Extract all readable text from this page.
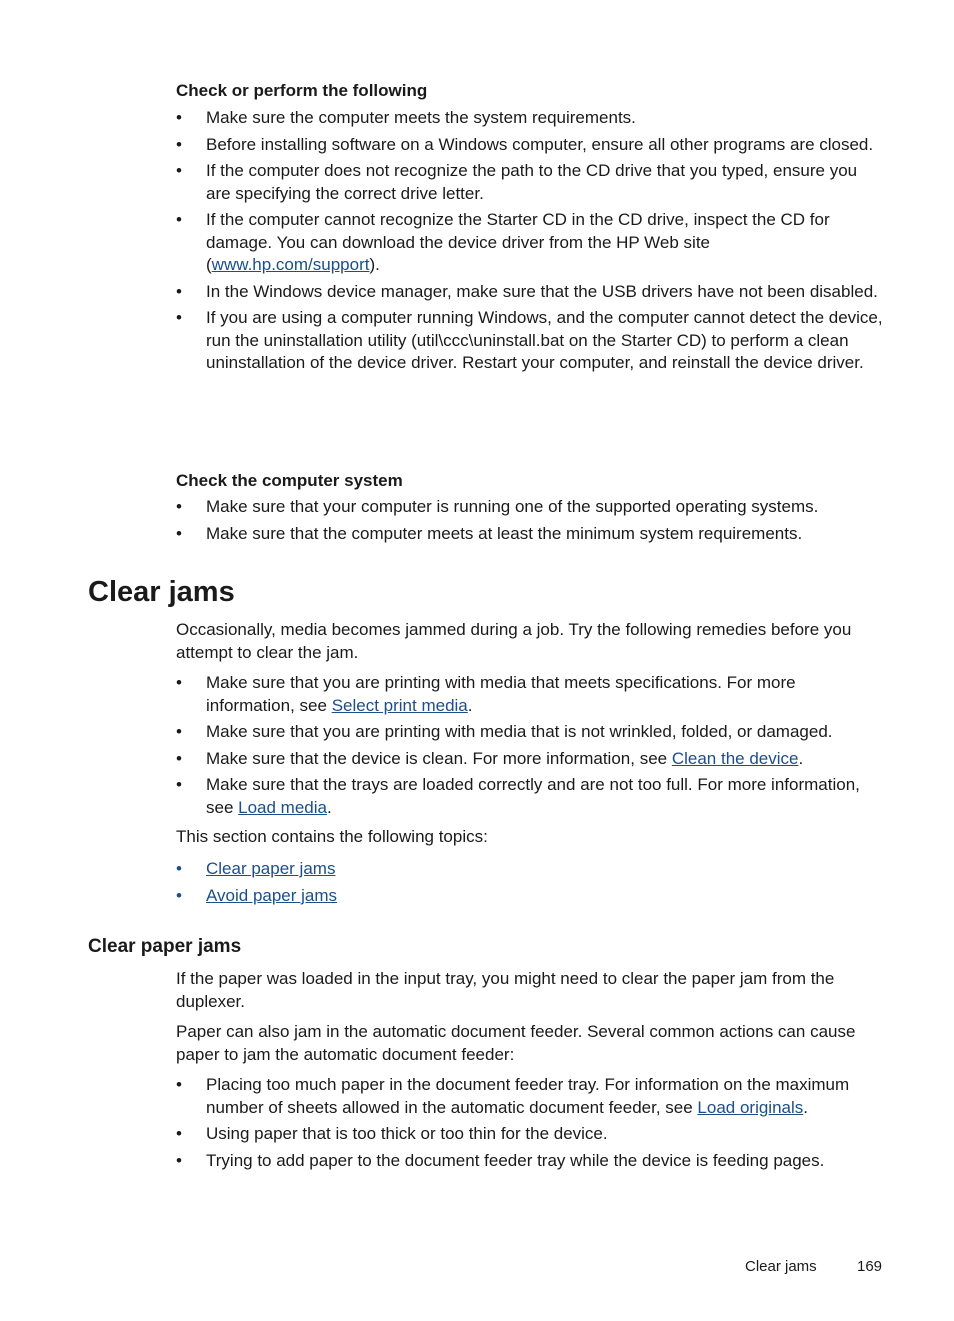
Check or perform the following
•	Make sure the computer meets the system requirements.
•	Before installing software on a Windows computer, ensure all other programs are closed.
•	If the computer does not recognize the path to the CD drive that you typed, ensure you are specifying the correct drive letter.
•	If the computer cannot recognize the Starter CD in the CD drive, inspect the CD for damage. You can download the device driver from the HP Web site (www.hp.com/support).
•	In the Windows device manager, make sure that the USB drivers have not been disabled.
•	If you are using a computer running Windows, and the computer cannot detect the device, run the uninstallation utility (util\ccc\uninstall.bat on the Starter CD) to perform a clean uninstallation of the device driver. Restart your computer, and reinstall the device driver.
Check the computer system
•	Make sure that your computer is running one of the supported operating systems.
•	Make sure that the computer meets at least the minimum system requirements.
Clear jams
Occasionally, media becomes jammed during a job. Try the following remedies before you attempt to clear the jam.
•	Make sure that you are printing with media that meets specifications. For more information, see Select print media.
•	Make sure that you are printing with media that is not wrinkled, folded, or damaged.
•	Make sure that the device is clean. For more information, see Clean the device.
•	Make sure that the trays are loaded correctly and are not too full. For more information, see Load media.
This section contains the following topics:
•	Clear paper jams
•	Avoid paper jams
Clear paper jams
If the paper was loaded in the input tray, you might need to clear the paper jam from the duplexer.
Paper can also jam in the automatic document feeder. Several common actions can cause paper to jam the automatic document feeder:
•	Placing too much paper in the document feeder tray. For information on the maximum number of sheets allowed in the automatic document feeder, see Load originals.
•	Using paper that is too thick or too thin for the device.
•	Trying to add paper to the document feeder tray while the device is feeding pages.
Clear jams	169
